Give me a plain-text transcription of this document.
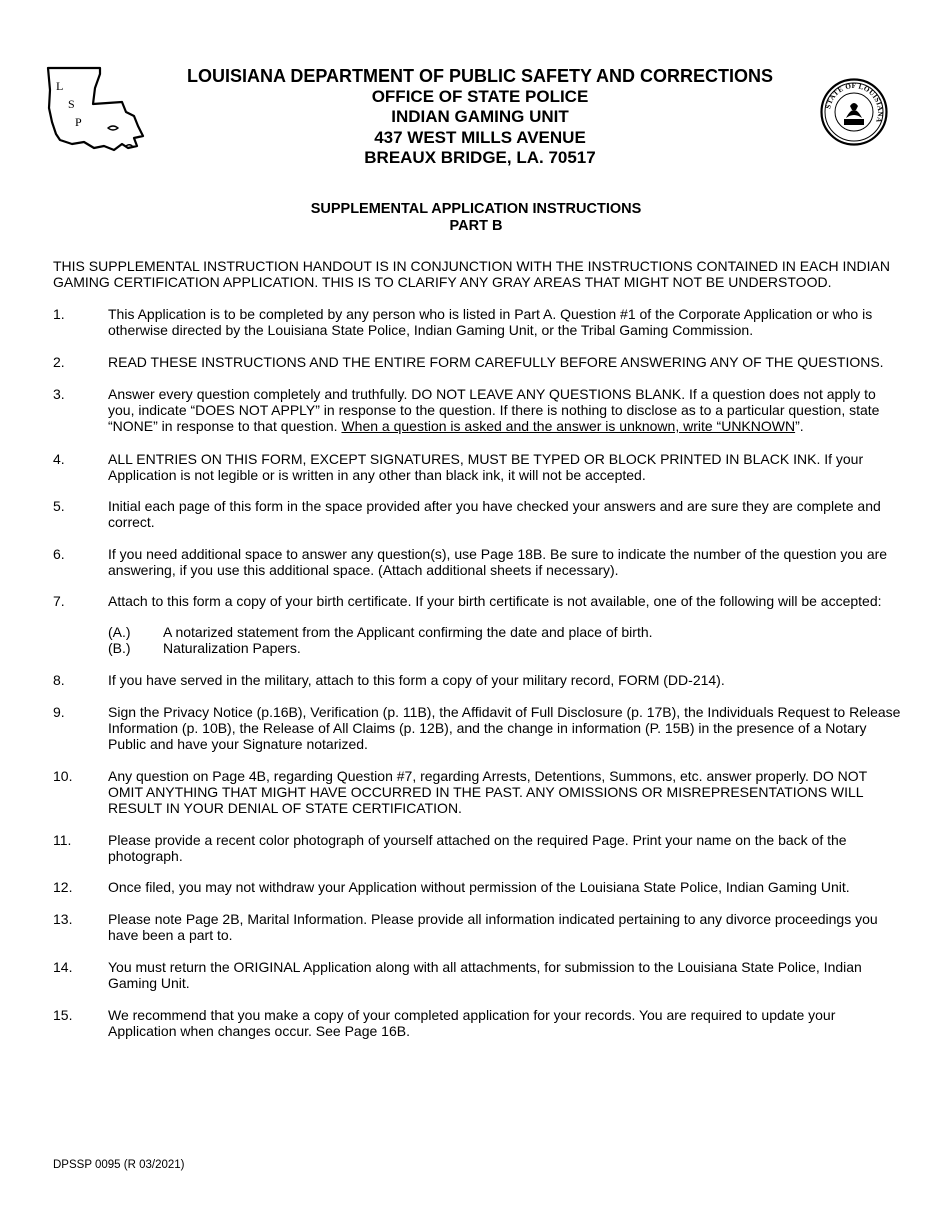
L
S
P
LOUISIANA DEPARTMENT OF PUBLIC SAFETY AND CORRECTIONS
OFFICE OF STATE POLICE
INDIAN GAMING UNIT
437 WEST MILLS AVENUE
BREAUX BRIDGE, LA. 70517
STATE OF LOUISIANA
SUPPLEMENTAL APPLICATION INSTRUCTIONS
PART B
THIS SUPPLEMENTAL INSTRUCTION HANDOUT IS IN CONJUNCTION WITH THE INSTRUCTIONS CONTAINED IN EACH INDIAN GAMING CERTIFICATION APPLICATION. THIS IS TO CLARIFY ANY GRAY AREAS THAT MIGHT NOT BE UNDERSTOOD.
1.	This Application is to be completed by any person who is listed in Part A. Question #1 of the Corporate Application or who is otherwise directed by the Louisiana State Police, Indian Gaming Unit, or the Tribal Gaming Commission.
2.	READ THESE INSTRUCTIONS AND THE ENTIRE FORM CAREFULLY BEFORE ANSWERING ANY OF THE QUESTIONS.
3.	Answer every question completely and truthfully. DO NOT LEAVE ANY QUESTIONS BLANK. If a question does not apply to you, indicate “DOES NOT APPLY” in response to the question. If there is nothing to disclose as to a particular question, state “NONE” in response to that question. When a question is asked and the answer is unknown, write “UNKNOWN”.
4.	ALL ENTRIES ON THIS FORM, EXCEPT SIGNATURES, MUST BE TYPED OR BLOCK PRINTED IN BLACK INK. If your Application is not legible or is written in any other than black ink, it will not be accepted.
5.	Initial each page of this form in the space provided after you have checked your answers and are sure they are complete and correct.
6.	If you need additional space to answer any question(s), use Page 18B. Be sure to indicate the number of the question you are answering, if you use this additional space. (Attach additional sheets if necessary).
7.	Attach to this form a copy of your birth certificate. If your birth certificate is not available, one of the following will be accepted:
(A.) A notarized statement from the Applicant confirming the date and place of birth.
(B.) Naturalization Papers.
8.	If you have served in the military, attach to this form a copy of your military record, FORM (DD-214).
9.	Sign the Privacy Notice (p.16B), Verification (p. 11B), the Affidavit of Full Disclosure (p. 17B), the Individuals Request to Release Information (p. 10B), the Release of All Claims (p. 12B), and the change in information (P. 15B) in the presence of a Notary Public and have your Signature notarized.
10.	Any question on Page 4B, regarding Question #7, regarding Arrests, Detentions, Summons, etc. answer properly. DO NOT OMIT ANYTHING THAT MIGHT HAVE OCCURRED IN THE PAST. ANY OMISSIONS OR MISREPRESENTATIONS WILL RESULT IN YOUR DENIAL OF STATE CERTIFICATION.
11.	Please provide a recent color photograph of yourself attached on the required Page. Print your name on the back of the photograph.
12.	Once filed, you may not withdraw your Application without permission of the Louisiana State Police, Indian Gaming Unit.
13.	Please note Page 2B, Marital Information. Please provide all information indicated pertaining to any divorce proceedings you have been a part to.
14.	You must return the ORIGINAL Application along with all attachments, for submission to the Louisiana State Police, Indian Gaming Unit.
15.	We recommend that you make a copy of your completed application for your records. You are required to update your Application when changes occur. See Page 16B.
DPSSP 0095 (R 03/2021)
